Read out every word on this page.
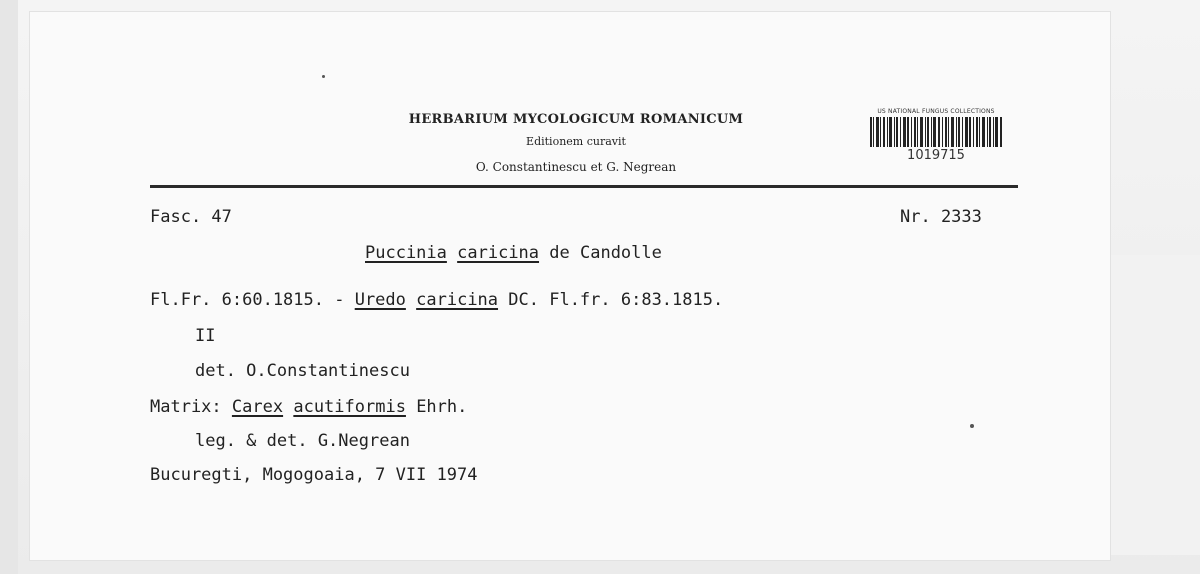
HERBARIUM MYCOLOGICUM ROMANICUM
Editionem curavit
O. Constantinescu et G. Negrean
US NATIONAL FUNGUS COLLECTIONS
1019715
Fasc. 47	Nr. 2333
Puccinia caricina de Candolle
Fl.Fr. 6:60.1815. - Uredo caricina DC. Fl.fr. 6:83.1815.
II
det. O.Constantinescu
Matrix: Carex acutiformis Ehrh.
leg. & det. G.Negrean
Bucuregti, Mogogoaia, 7 VII 1974
